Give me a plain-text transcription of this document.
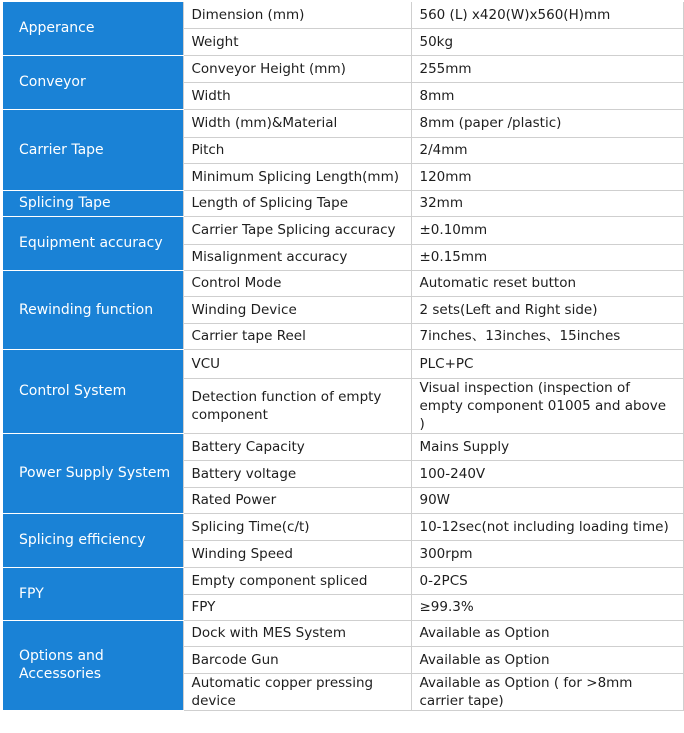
Apperance	Dimension (mm)	560 (L) x420(W)x560(H)mm
	Weight	50kg
Conveyor	Conveyor Height (mm)	255mm
	Width	8mm
Carrier Tape	Width (mm)&Material	8mm (paper /plastic)
	Pitch	2/4mm
	Minimum Splicing Length(mm)	120mm
Splicing Tape	Length of Splicing Tape	32mm
Equipment accuracy	Carrier Tape Splicing accuracy	±0.10mm
	Misalignment accuracy	±0.15mm
Rewinding function	Control Mode	Automatic reset button
	Winding Device	2 sets(Left and Right side)
	Carrier tape Reel	7inches、13inches、15inches
Control System	VCU	PLC+PC
	Detection function of empty component	Visual inspection (inspection of empty component 01005 and above )
Power Supply System	Battery Capacity	Mains Supply
	Battery voltage	100-240V
	Rated Power	90W
Splicing efficiency	Splicing Time(c/t)	10-12sec(not including loading time)
	Winding Speed	300rpm
FPY	Empty component spliced	0-2PCS
	FPY	≥99.3%
Options and Accessories	Dock with MES System	Available as Option
	Barcode Gun	Available as Option
	Automatic copper pressing device	Available as Option ( for >8mm carrier tape)
